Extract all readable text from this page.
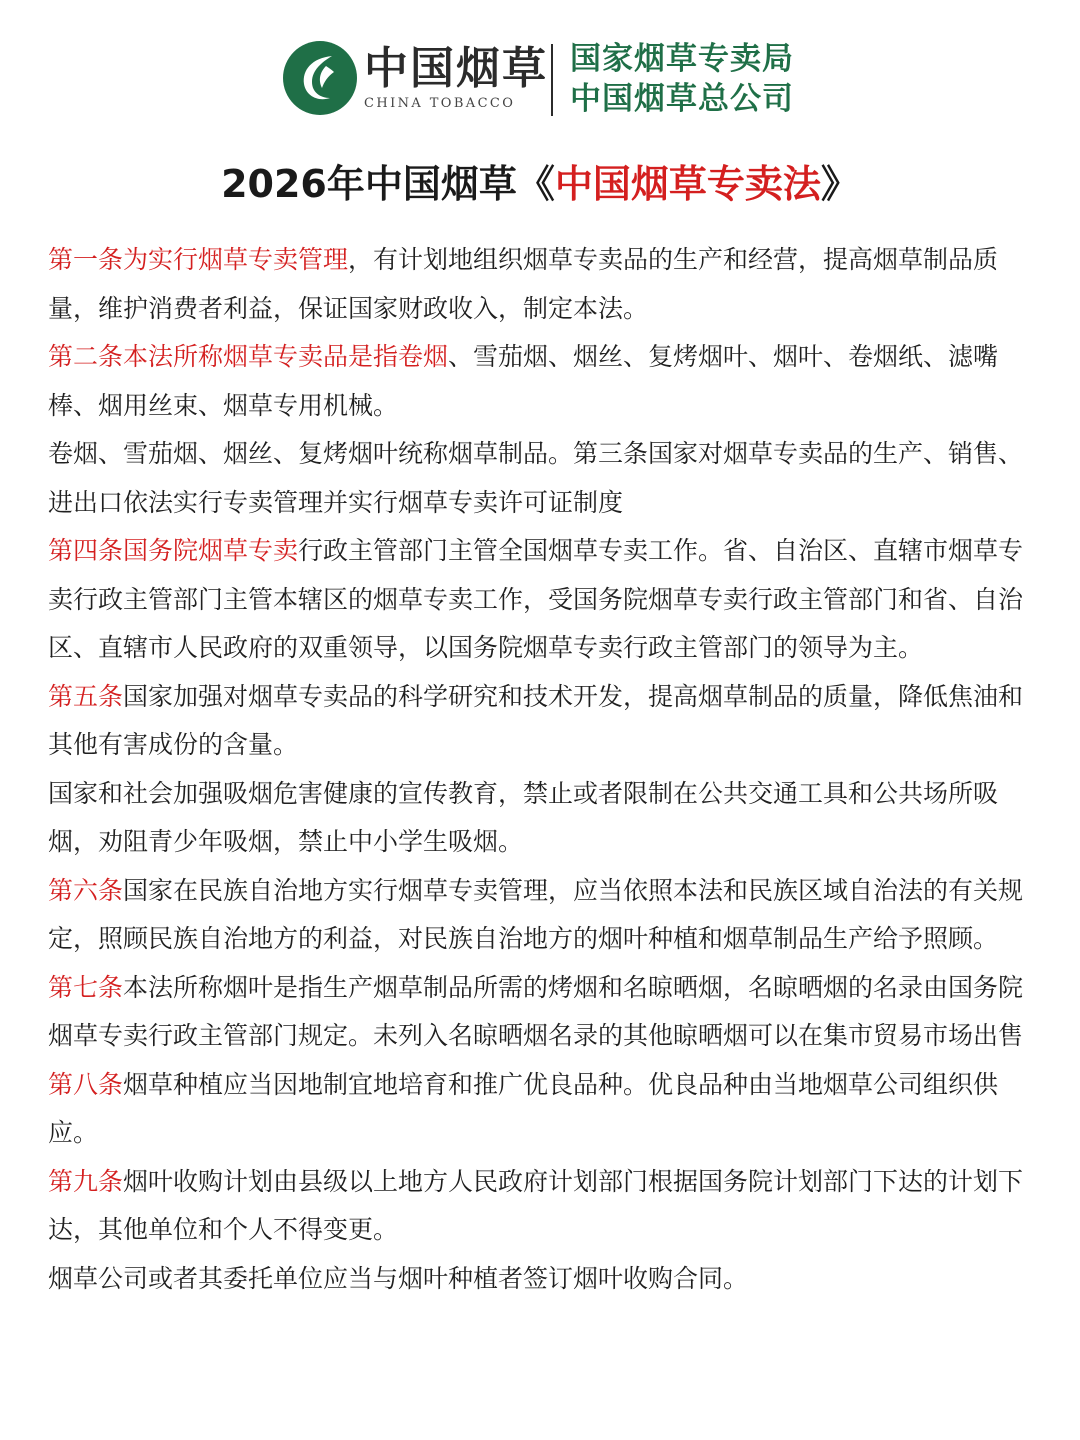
中国烟草
CHINA TOBACCO
国家烟草专卖局
中国烟草总公司
2026年中国烟草《中国烟草专卖法》

第一条为实行烟草专卖管理，有计划地组织烟草专卖品的生产和经营，提高烟草制品质量，维护消费者利益，保证国家财政收入，制定本法。

第二条本法所称烟草专卖品是指卷烟、雪茄烟、烟丝、复烤烟叶、烟叶、卷烟纸、滤嘴棒、烟用丝束、烟草专用机械。

卷烟、雪茄烟、烟丝、复烤烟叶统称烟草制品。第三条国家对烟草专卖品的生产、销售、进出口依法实行专卖管理并实行烟草专卖许可证制度

第四条国务院烟草专卖行政主管部门主管全国烟草专卖工作。省、自治区、直辖市烟草专卖行政主管部门主管本辖区的烟草专卖工作，受国务院烟草专卖行政主管部门和省、自治区、直辖市人民政府的双重领导，以国务院烟草专卖行政主管部门的领导为主。

第五条国家加强对烟草专卖品的科学研究和技术开发，提高烟草制品的质量，降低焦油和其他有害成份的含量。

国家和社会加强吸烟危害健康的宣传教育，禁止或者限制在公共交通工具和公共场所吸烟，劝阻青少年吸烟，禁止中小学生吸烟。

第六条国家在民族自治地方实行烟草专卖管理，应当依照本法和民族区域自治法的有关规定，照顾民族自治地方的利益，对民族自治地方的烟叶种植和烟草制品生产给予照顾。

第七条本法所称烟叶是指生产烟草制品所需的烤烟和名晾晒烟，名晾晒烟的名录由国务院烟草专卖行政主管部门规定。未列入名晾晒烟名录的其他晾晒烟可以在集市贸易市场出售

第八条烟草种植应当因地制宜地培育和推广优良品种。优良品种由当地烟草公司组织供应。

第九条烟叶收购计划由县级以上地方人民政府计划部门根据国务院计划部门下达的计划下达，其他单位和个人不得变更。

烟草公司或者其委托单位应当与烟叶种植者签订烟叶收购合同。
